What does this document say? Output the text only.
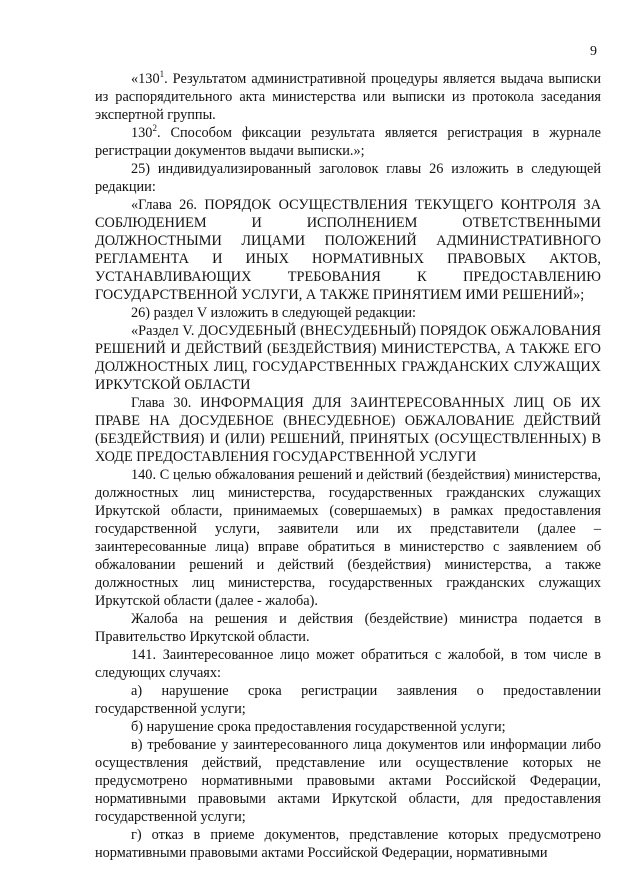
9

«$130^1$. Результатом административной процедуры является выдача выписки из распорядительного акта министерства или выписки из протокола заседания экспертной группы.

$130^2$. Способом фиксации результата является регистрация в журнале регистрации документов выдачи выписки.»;

25) индивидуализированный заголовок главы 26 изложить в следующей редакции:

«Глава 26. ПОРЯДОК ОСУЩЕСТВЛЕНИЯ ТЕКУЩЕГО КОНТРОЛЯ ЗА СОБЛЮДЕНИЕМ И ИСПОЛНЕНИЕМ ОТВЕТСТВЕННЫМИ ДОЛЖНОСТНЫМИ ЛИЦАМИ ПОЛОЖЕНИЙ АДМИНИСТРАТИВНОГО РЕГЛАМЕНТА И ИНЫХ НОРМАТИВНЫХ ПРАВОВЫХ АКТОВ, УСТАНАВЛИВАЮЩИХ ТРЕБОВАНИЯ К ПРЕДОСТАВЛЕНИЮ ГОСУДАРСТВЕННОЙ УСЛУГИ, А ТАКЖЕ ПРИНЯТИЕМ ИМИ РЕШЕНИЙ»;

26) раздел V изложить в следующей редакции:

«Раздел V. ДОСУДЕБНЫЙ (ВНЕСУДЕБНЫЙ) ПОРЯДОК ОБЖАЛОВАНИЯ РЕШЕНИЙ И ДЕЙСТВИЙ (БЕЗДЕЙСТВИЯ) МИНИСТЕРСТВА, А ТАКЖЕ ЕГО ДОЛЖНОСТНЫХ ЛИЦ, ГОСУДАРСТВЕННЫХ ГРАЖДАНСКИХ СЛУЖАЩИХ ИРКУТСКОЙ ОБЛАСТИ

Глава 30. ИНФОРМАЦИЯ ДЛЯ ЗАИНТЕРЕСОВАННЫХ ЛИЦ ОБ ИХ ПРАВЕ НА ДОСУДЕБНОЕ (ВНЕСУДЕБНОЕ) ОБЖАЛОВАНИЕ ДЕЙСТВИЙ (БЕЗДЕЙСТВИЯ) И (ИЛИ) РЕШЕНИЙ, ПРИНЯТЫХ (ОСУЩЕСТВЛЕННЫХ) В ХОДЕ ПРЕДОСТАВЛЕНИЯ ГОСУДАРСТВЕННОЙ УСЛУГИ

140. С целью обжалования решений и действий (бездействия) министерства, должностных лиц министерства, государственных гражданских служащих Иркутской области, принимаемых (совершаемых) в рамках предоставления государственной услуги, заявители или их представители (далее – заинтересованные лица) вправе обратиться в министерство с заявлением об обжаловании решений и действий (бездействия) министерства, а также должностных лиц министерства, государственных гражданских служащих Иркутской области (далее - жалоба).

Жалоба на решения и действия (бездействие) министра подается в Правительство Иркутской области.

141. Заинтересованное лицо может обратиться с жалобой, в том числе в следующих случаях:

а) нарушение срока регистрации заявления о предоставлении государственной услуги;

б) нарушение срока предоставления государственной услуги;

в) требование у заинтересованного лица документов или информации либо осуществления действий, представление или осуществление которых не предусмотрено нормативными правовыми актами Российской Федерации, нормативными правовыми актами Иркутской области, для предоставления государственной услуги;

г) отказ в приеме документов, представление которых предусмотрено нормативными правовыми актами Российской Федерации, нормативными
